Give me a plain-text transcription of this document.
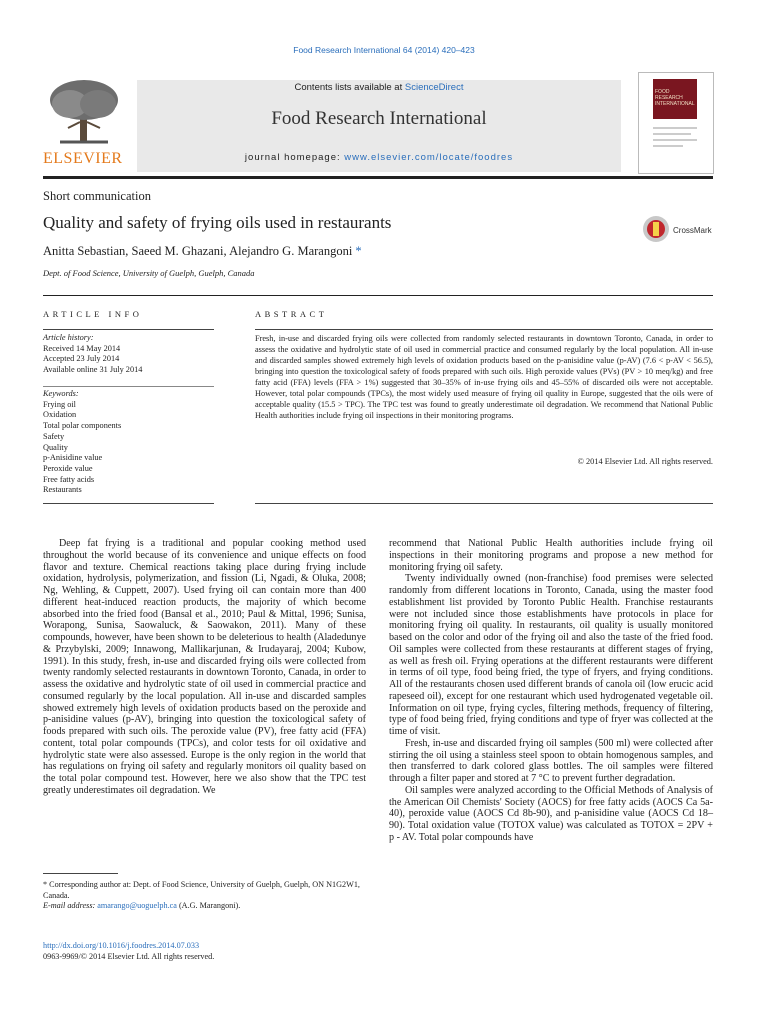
Food Research International 64 (2014) 420–423
ELSEVIER
Contents lists available at ScienceDirect
Food Research International
journal homepage: www.elsevier.com/locate/foodres
FOOD RESEARCH INTERNATIONAL
Short communication
Quality and safety of frying oils used in restaurants
Anitta Sebastian, Saeed M. Ghazani, Alejandro G. Marangoni *
Dept. of Food Science, University of Guelph, Guelph, Canada
CrossMark
ARTICLE INFO	ABSTRACT
Article history:
Received 14 May 2014
Accepted 23 July 2014
Available online 31 July 2014
Keywords:
Frying oil
Oxidation
Total polar components
Safety
Quality
p-Anisidine value
Peroxide value
Free fatty acids
Restaurants
Fresh, in-use and discarded frying oils were collected from randomly selected restaurants in downtown Toronto, Canada, in order to assess the oxidative and hydrolytic state of oil used in commercial practice and consumed regularly by the local population. All in-use and discarded samples showed extremely high levels of oxidation products based on the p-anisidine value (p-AV) (7.6 < p-AV < 56.5), bringing into question the toxicological safety of foods prepared with such oils. High peroxide values (PVs) (PV > 10 meq/kg) and free fatty acid (FFA) levels (FFA > 1%) suggested that 30–35% of in-use frying oils and 45–55% of discarded oils were not acceptable. However, total polar compounds (TPCs), the most widely used measure of frying oil quality in Europe, suggested that the oils were of acceptable quality (15.5 > TPC). The TPC test was found to greatly underestimate oil degradation. We recommend that National Public Health authorities include frying oil inspections in their monitoring programs.
© 2014 Elsevier Ltd. All rights reserved.

Deep fat frying is a traditional and popular cooking method used throughout the world because of its convenience and unique effects on food flavor and texture. Chemical reactions taking place during frying include oxidation, hydrolysis, polymerization, and fission (Li, Ngadi, & Oluka, 2008; Ng, Wehling, & Cuppett, 2007). Used frying oil can contain more than 400 different heat-induced reaction products, the majority of which become absorbed into the fried food (Bansal et al., 2010; Paul & Mittal, 1996; Sunisa, Worapong, Sunisa, Saowaluck, & Saowakon, 2011). Many of these compounds, however, have been shown to be deleterious to health (Aladedunye & Przybylski, 2009; Innawong, Mallikarjunan, & Irudayaraj, 2004; Kubow, 1991). In this study, fresh, in-use and discarded frying oils were collected from twenty randomly selected restaurants in downtown Toronto, Canada, in order to assess the oxidative and hydrolytic state of oil used in commercial practice and consumed regularly by the local population. All in-use and discarded samples showed extremely high levels of oxidation products based on the peroxide and p-anisidine values (p-AV), bringing into question the toxicological safety of foods prepared with such oils. The peroxide value (PV), free fatty acid (FFA) content, total polar compounds (TPCs), and color tests for oil oxidative and hydrolytic state were also assessed. Europe is the only region in the world that has regulations on frying oil safety and regularly monitors oil quality based on the total polar compound test. However, here we also show that the TPC test greatly underestimates oil degradation. We

recommend that National Public Health authorities include frying oil inspections in their monitoring programs and propose a new method for monitoring frying oil safety.

Twenty individually owned (non-franchise) food premises were selected randomly from different locations in Toronto, Canada, using the master food establishment list provided by Toronto Public Health. Franchise restaurants were not included since those establishments have protocols in place for monitoring frying oil quality. In restaurants, oil quality is usually monitored based on the color and odor of the frying oil and also the taste of the fried food. Oil samples were collected from these restaurants at different stages of frying, as well as fresh oil. Frying operations at the different restaurants were different in terms of oil type, food being fried, the type of fryers, and frying conditions. All of the restaurants chosen used different brands of canola oil (low erucic acid rapeseed oil), except for one restaurant which used hydrogenated vegetable oil. Information on oil type, frying cycles, filtering methods, frequency of filtering, type of food being fried, frying conditions and type of fryer was collected at the time of visit.

Fresh, in-use and discarded frying oil samples (500 ml) were collected after stirring the oil using a stainless steel spoon to obtain homogenous samples, and then transferred to dark colored glass bottles. The oil samples were filtered through a filter paper and stored at 7 °C to prevent further degradation.

Oil samples were analyzed according to the Official Methods of Analysis of the American Oil Chemists' Society (AOCS) for free fatty acids (AOCS Ca 5a-40), peroxide value (AOCS Cd 8b-90), and p-anisidine value (AOCS Cd 18–90). Total oxidation value (TOTOX value) was calculated as TOTOX = 2PV + p - AV. Total polar compounds have

* Corresponding author at: Dept. of Food Science, University of Guelph, Guelph, ON N1G2W1, Canada.
E-mail address: amarango@uoguelph.ca (A.G. Marangoni).
http://dx.doi.org/10.1016/j.foodres.2014.07.033
0963-9969/© 2014 Elsevier Ltd. All rights reserved.
